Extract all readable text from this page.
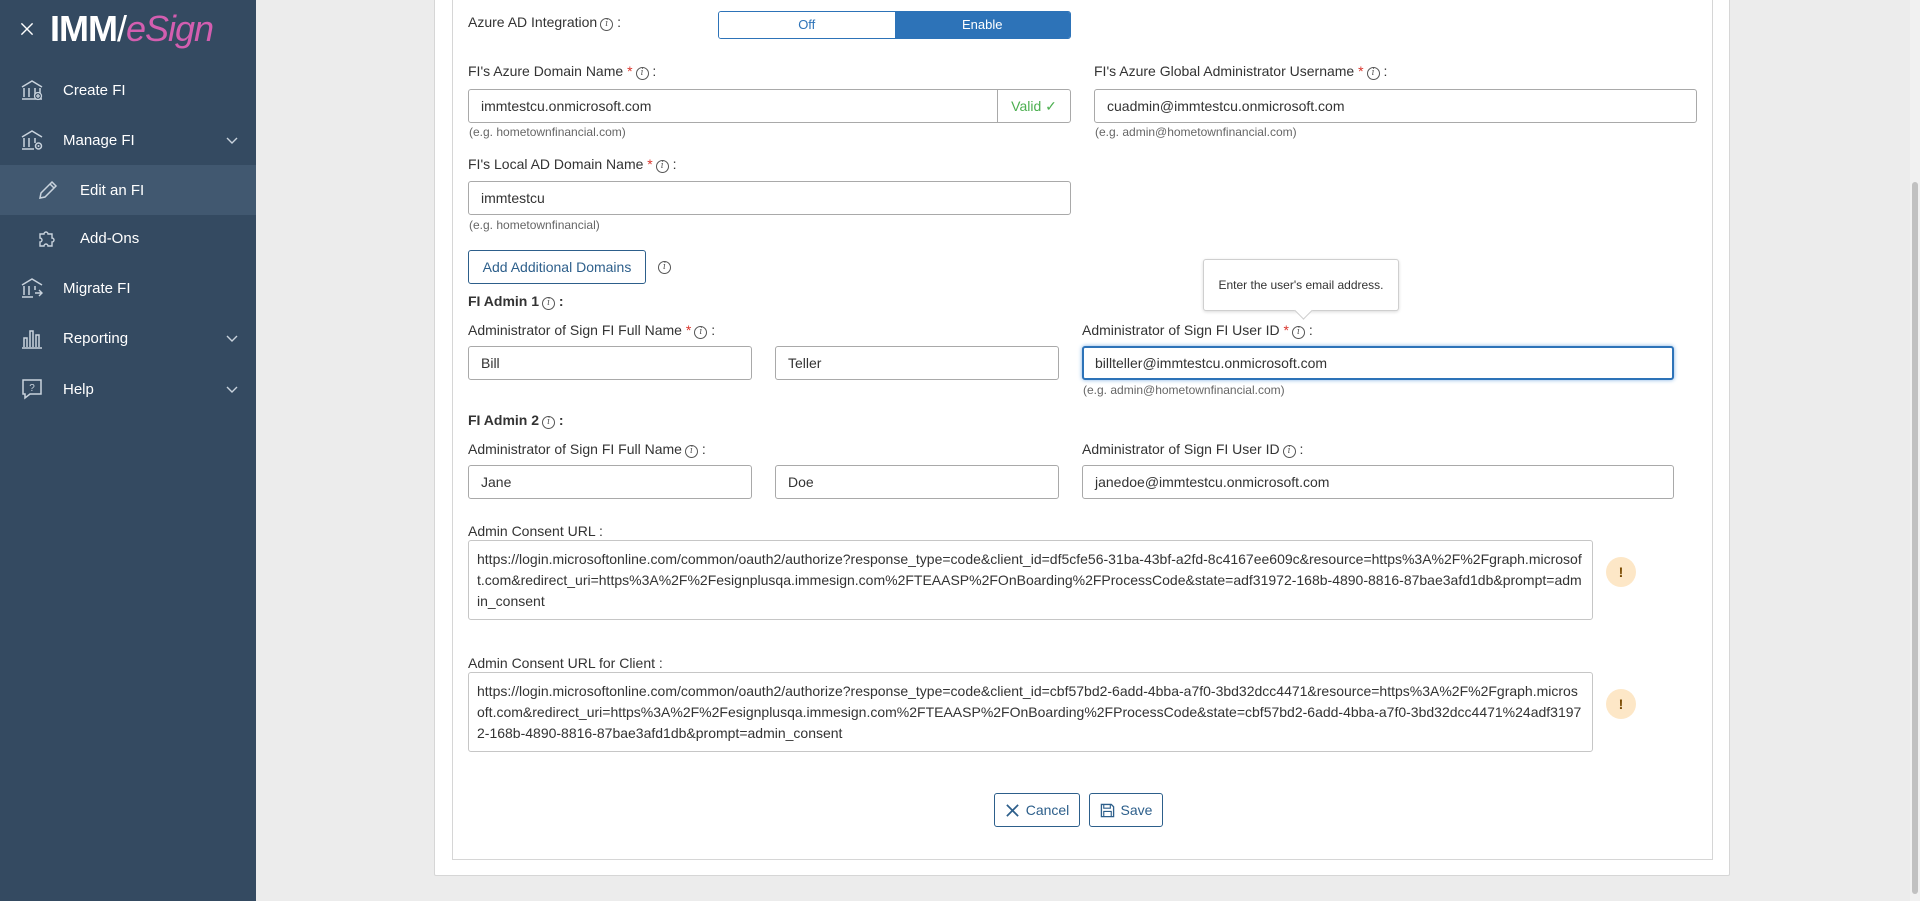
IMM/eSign
Create FI
Manage FI
Edit an FI
Add-Ons
Migrate FI
Reporting
? Help
Azure AD Integration i :	Off	Enable
FI's Azure Domain Name * i :
immtestcu.onmicrosoft.com	Valid ✓
(e.g. hometownfinancial.com)
FI's Azure Global Administrator Username * i :
cuadmin@immtestcu.onmicrosoft.com
(e.g. admin@hometownfinancial.com)
FI's Local AD Domain Name * i :
immtestcu
(e.g. hometownfinancial)
Add Additional Domains	i
FI Admin 1 i :
Administrator of Sign FI Full Name * i :
Bill	Teller
Enter the user's email address.
Administrator of Sign FI User ID * i :
billteller@immtestcu.onmicrosoft.com
(e.g. admin@hometownfinancial.com)
FI Admin 2 i :
Administrator of Sign FI Full Name i :
Jane	Doe
Administrator of Sign FI User ID i :
janedoe@immtestcu.onmicrosoft.com
Admin Consent URL :
https://login.microsoftonline.com/common/oauth2/authorize?response_type=code&client_id=df5cfe56-31ba-43bf-a2fd-8c4167ee609c&resource=https%3A%2F%2Fgraph.microsoft.com&redirect_uri=https%3A%2F%2Fesignplusqa.immesign.com%2FTEAASP%2FOnBoarding%2FProcessCode&state=adf31972-168b-4890-8816-87bae3afd1db&prompt=admin_consent
!
Admin Consent URL for Client :
https://login.microsoftonline.com/common/oauth2/authorize?response_type=code&client_id=cbf57bd2-6add-4bba-a7f0-3bd32dcc4471&resource=https%3A%2F%2Fgraph.microsoft.com&redirect_uri=https%3A%2F%2Fesignplusqa.immesign.com%2FTEAASP%2FOnBoarding%2FProcessCode&state=cbf57bd2-6add-4bba-a7f0-3bd32dcc4471%24adf31972-168b-4890-8816-87bae3afd1db&prompt=admin_consent
!
Cancel	Save
